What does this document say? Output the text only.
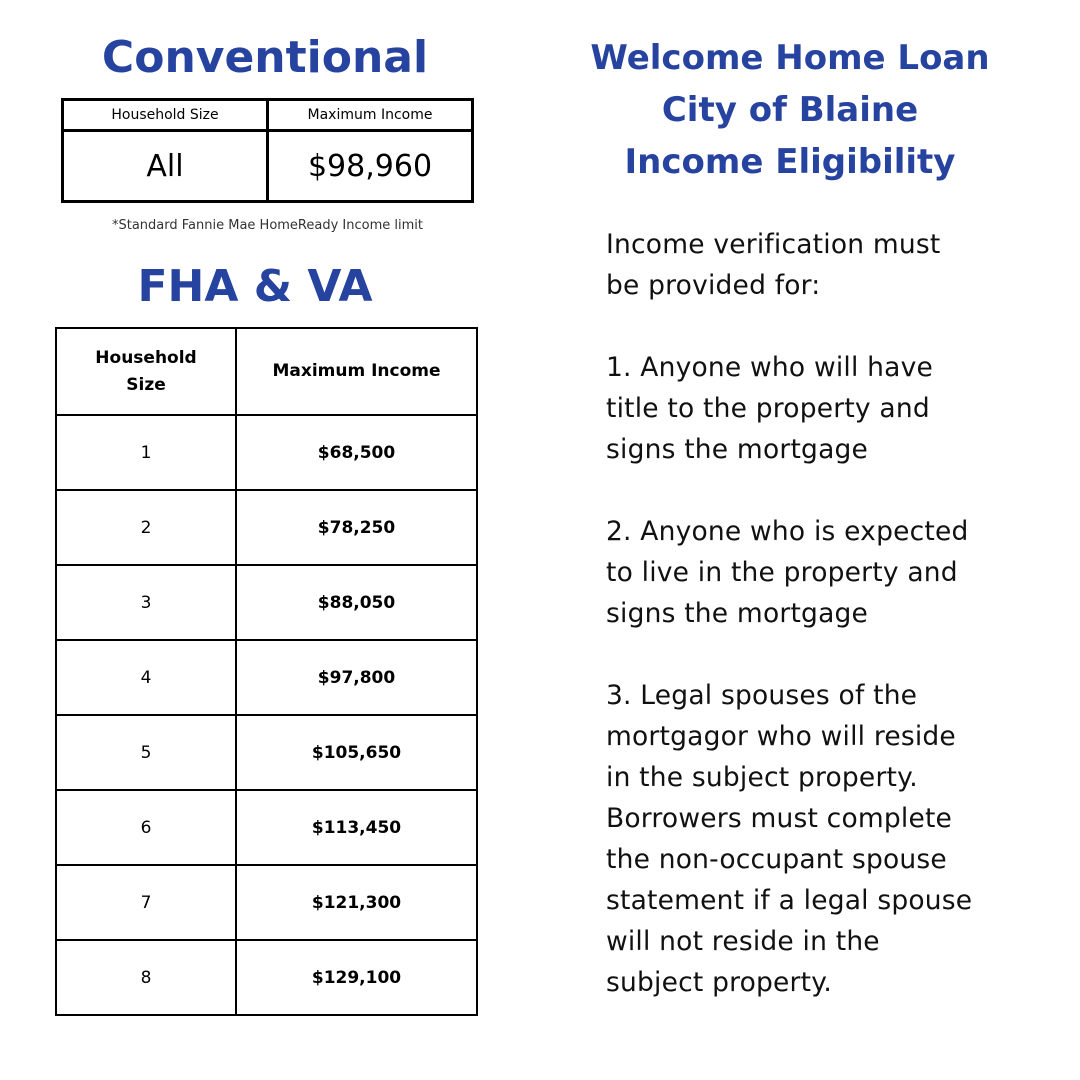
Conventional
Household Size	Maximum Income
All	$98,960

*Standard Fannie Mae HomeReady Income limit

FHA & VA
Household
Size	Maximum Income
1	$68,500
2	$78,250
3	$88,050
4	$97,800
5	$105,650
6	$113,450
7	$121,300
8	$129,100
Welcome Home Loan
City of Blaine
Income Eligibility

Income verification must
be provided for:

1. Anyone who will have
title to the property and
signs the mortgage

2. Anyone who is expected
to live in the property and
signs the mortgage

3. Legal spouses of the
mortgagor who will reside
in the subject property.
Borrowers must complete
the non-occupant spouse
statement if a legal spouse
will not reside in the
subject property.
